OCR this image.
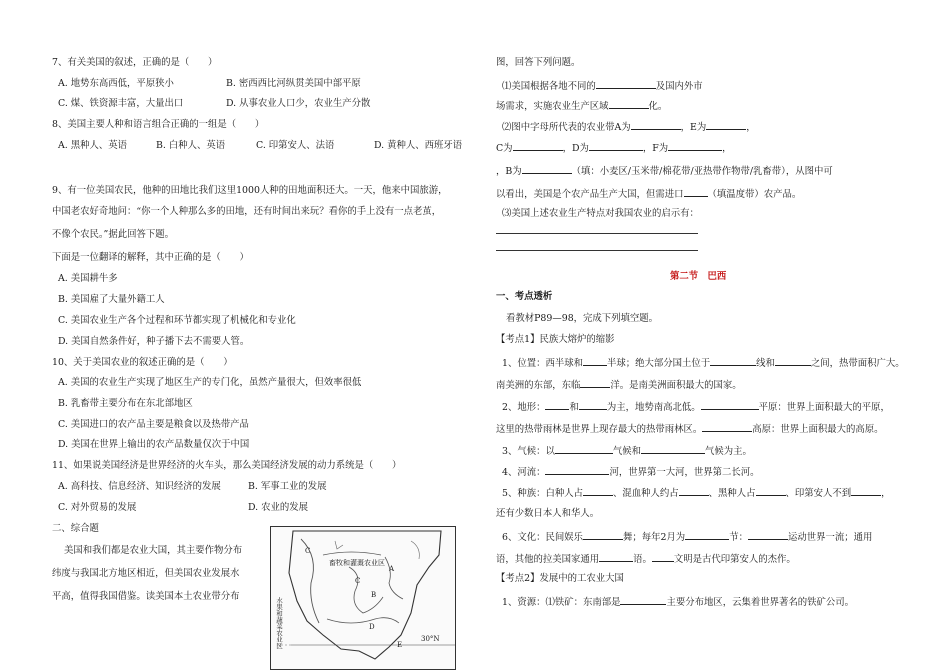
7、有关美国的叙述，正确的是（　　）
A. 地势东高西低，平原狭小	B. 密西西比河纵贯美国中部平原
C. 煤、铁资源丰富，大量出口	D. 从事农业人口少，农业生产分散
8、美国主要人种和语言组合正确的一组是（　　）
A. 黑种人、英语	B. 白种人、英语	C. 印第安人、法语	D. 黄种人、西班牙语
9、有一位美国农民，他种的田地比我们这里1000人种的田地面积还大。一天，他来中国旅游，
中国老农好奇地问：“你一个人种那么多的田地，还有时间出来玩？看你的手上没有一点老茧，
不像个农民。”据此回答下题。
下面是一位翻译的解释，其中正确的是（　　）
A. 美国耕牛多
B. 美国雇了大量外籍工人
C. 美国农业生产各个过程和环节都实现了机械化和专业化
D. 美国自然条件好，种子播下去不需要人管。
10、关于美国农业的叙述正确的是（　　）
A. 美国的农业生产实现了地区生产的专门化，虽然产量很大，但效率很低
B. 乳畜带主要分布在东北部地区
C. 美国进口的农产品主要是粮食以及热带产品
D. 美国在世界上输出的农产品数量仅次于中国
11、如果说美国经济是世界经济的火车头，那么美国经济发展的动力系统是（　　）
A. 高科技、信息经济、知识经济的发展	B. 军事工业的发展
C. 对外贸易的发展	D. 农业的发展
二、综合题
美国和我们都是农业大国，其主要作物分布
纬度与我国北方地区相近，但美国农业发展水
平高，值得我国借鉴。读美国本土农业带分布
畜牧和灌溉农业区
水果和蔬菜农业区	30°N
A
B
C
D
E
C
图，回答下列问题。
⑴美国根据各地不同的	及国内外市
场需求，实施农业生产区域	化。
⑵图中字母所代表的农业带A为	，E为	，
C为	，D为	，F为	，
，B为	（填：小麦区/玉米带/棉花带/亚热带作物带/乳畜带），从图中可
以看出，美国是个农产品生产大国，但需进口	（填温度带）农产品。
⑶美国上述农业生产特点对我国农业的启示有：
第二节　巴西
一、考点透析
看教材P89—98，完成下列填空题。
【考点1】民族大熔炉的缩影
1、位置：西半球和	半球；绝大部分国土位于	线和	之间，热带面积广大。
南美洲的东部，东临	洋。是南美洲面积最大的国家。
2、地形：	和	为主，地势南高北低。	平原：世界上面积最大的平原，
这里的热带雨林是世界上现存最大的热带雨林区。	高原：世界上面积最大的高原。
3、气候：以	气候和	气候为主。
4、河流：	河，世界第一大河，世界第二长河。
5、种族：白种人占	、混血种人约占	、黑种人占	、印第安人不到	，
还有少数日本人和华人。
6、文化：民间娱乐	舞；每年2月为	节：	运动世界一流；通用
语，其他的拉美国家通用	语。 文明是古代印第安人的杰作。
【考点2】发展中的工农业大国
1、资源：⑴铁矿：东南部是	主要分布地区，云集着世界著名的铁矿公司。
